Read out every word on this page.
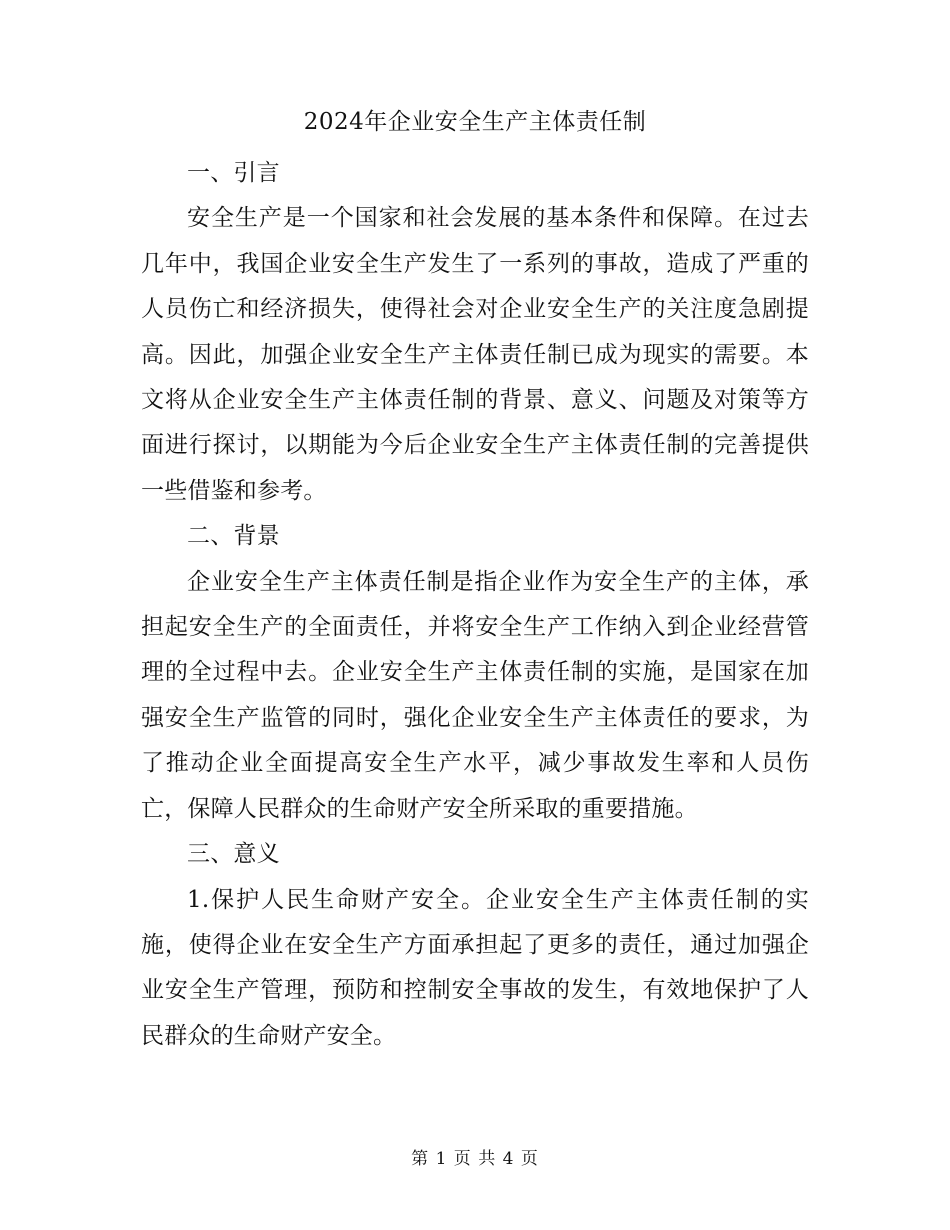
2024年企业安全生产主体责任制

一、引言

安全生产是一个国家和社会发展的基本条件和保障。在过去几年中，我国企业安全生产发生了一系列的事故，造成了严重的人员伤亡和经济损失，使得社会对企业安全生产的关注度急剧提高。因此，加强企业安全生产主体责任制已成为现实的需要。本文将从企业安全生产主体责任制的背景、意义、问题及对策等方面进行探讨，以期能为今后企业安全生产主体责任制的完善提供一些借鉴和参考。

二、背景

企业安全生产主体责任制是指企业作为安全生产的主体，承担起安全生产的全面责任，并将安全生产工作纳入到企业经营管理的全过程中去。企业安全生产主体责任制的实施，是国家在加强安全生产监管的同时，强化企业安全生产主体责任的要求，为了推动企业全面提高安全生产水平，减少事故发生率和人员伤亡，保障人民群众的生命财产安全所采取的重要措施。

三、意义

1.保护人民生命财产安全。企业安全生产主体责任制的实施，使得企业在安全生产方面承担起了更多的责任，通过加强企业安全生产管理，预防和控制安全事故的发生，有效地保护了人民群众的生命财产安全。

第 1 页 共 4 页
